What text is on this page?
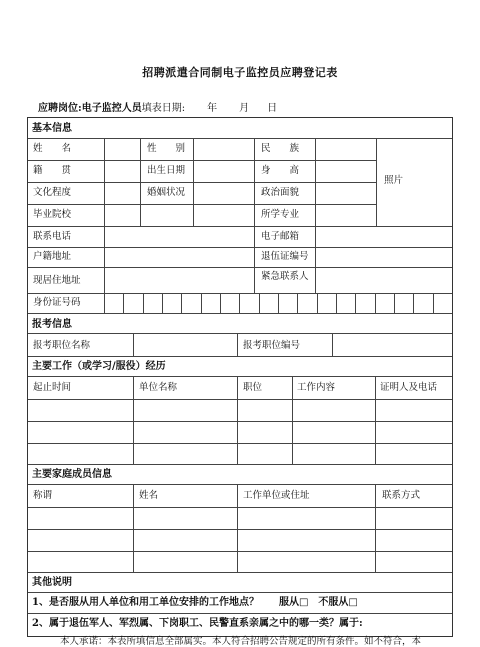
招聘派遣合同制电子监控员应聘登记表
应聘岗位:电子监控人员填表日期: 年 月 日
基本信息
姓　　名	性　　别	民　　族
籍　　贯	出生日期	身　　高
文化程度	婚姻状况	政治面貌
毕业院校	所学专业
联系电话	电子邮箱
户籍地址	退伍证编号
现居住地址	紧急联系人
身份证号码
照片
报考信息
报考职位名称	报考职位编号
主要工作（或学习/服役）经历
起止时间	单位名称	职位	工作内容	证明人及电话
主要家庭成员信息
称谓	姓名	工作单位或住址	联系方式
其他说明
1、是否服从用人单位和用工单位安排的工作地点？　　服从□　不服从□
2、属于退伍军人、军烈属、下岗职工、民警直系亲属之中的哪一类？属于:
本人承诺：本表所填信息全部属实。本人符合招聘公告规定的所有条件。如不符合，本
